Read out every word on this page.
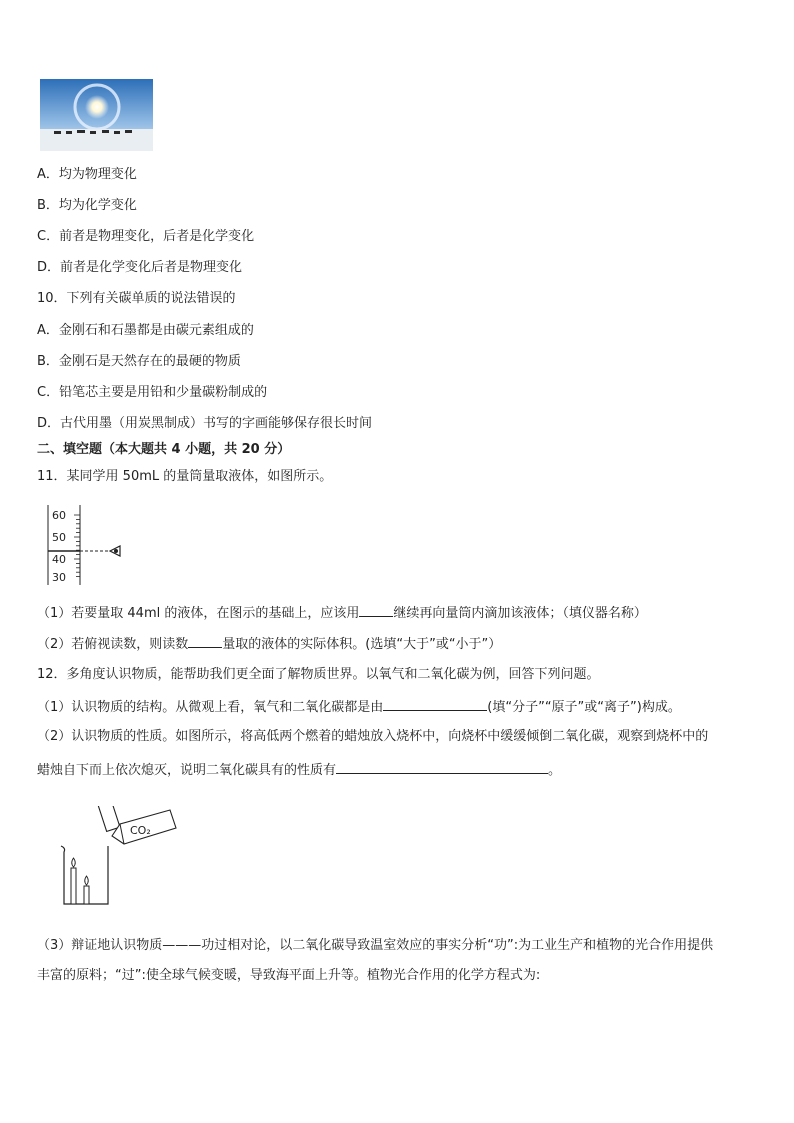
A．均为物理变化
B．均为化学变化
C．前者是物理变化，后者是化学变化
D．前者是化学变化后者是物理变化
10．下列有关碳单质的说法错误的
A．金刚石和石墨都是由碳元素组成的
B．金刚石是天然存在的最硬的物质
C．铅笔芯主要是用铅和少量碳粉制成的
D．古代用墨（用炭黑制成）书写的字画能够保存很长时间
二、填空题（本大题共 4 小题，共 20 分）
11．某同学用 50mL 的量筒量取液体，如图所示。
60
50
40
30
（1）若要量取 44ml 的液体，在图示的基础上，应该用	继续再向量筒内滴加该液体；（填仪器名称）
（2）若俯视读数，则读数	量取的液体的实际体积。(选填“大于”或“小于”）
12．多角度认识物质，能帮助我们更全面了解物质世界。以氧气和二氧化碳为例，回答下列问题。
（1）认识物质的结构。从微观上看，氧气和二氧化碳都是由	(填“分子”“原子”或“离子”)构成。
（2）认识物质的性质。如图所示，将高低两个燃着的蜡烛放入烧杯中，向烧杯中缓缓倾倒二氧化碳，观察到烧杯中的
蜡烛自下而上依次熄灭，说明二氧化碳具有的性质有	。
CO₂
（3）辩证地认识物质———功过相对论，以二氧化碳导致温室效应的事实分析“功”:为工业生产和植物的光合作用提供
丰富的原料；“过”:使全球气候变暖，导致海平面上升等。植物光合作用的化学方程式为:
